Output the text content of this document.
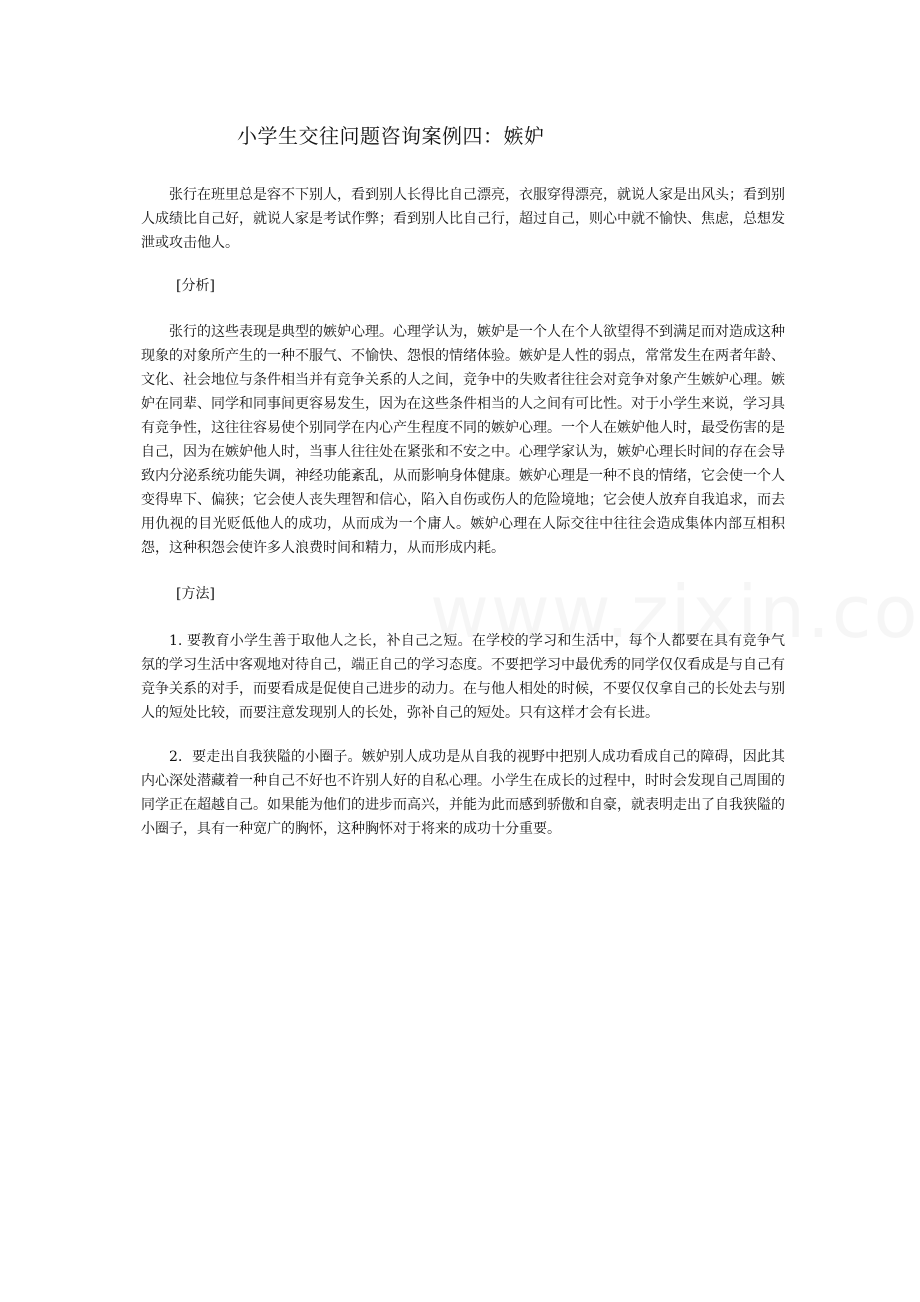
小学生交往问题咨询案例四：嫉妒

张行在班里总是容不下别人，看到别人长得比自己漂亮，衣服穿得漂亮，就说人家是出风头；看到别人成绩比自己好，就说人家是考试作弊；看到别人比自己行，超过自己，则心中就不愉快、焦虑，总想发泄或攻击他人。

[分析]

张行的这些表现是典型的嫉妒心理。心理学认为，嫉妒是一个人在个人欲望得不到满足而对造成这种现象的对象所产生的一种不服气、不愉快、怨恨的情绪体验。嫉妒是人性的弱点，常常发生在两者年龄、文化、社会地位与条件相当并有竞争关系的人之间，竞争中的失败者往往会对竞争对象产生嫉妒心理。嫉妒在同辈、同学和同事间更容易发生，因为在这些条件相当的人之间有可比性。对于小学生来说，学习具有竞争性，这往往容易使个别同学在内心产生程度不同的嫉妒心理。一个人在嫉妒他人时，最受伤害的是自己，因为在嫉妒他人时，当事人往往处在紧张和不安之中。心理学家认为，嫉妒心理长时间的存在会导致内分泌系统功能失调，神经功能紊乱，从而影响身体健康。嫉妒心理是一种不良的情绪，它会使一个人变得卑下、偏狭；它会使人丧失理智和信心，陷入自伤或伤人的危险境地；它会使人放弃自我追求，而去用仇视的目光贬低他人的成功，从而成为一个庸人。嫉妒心理在人际交往中往往会造成集体内部互相积怨，这种积怨会使许多人浪费时间和精力，从而形成内耗。

[方法]

1. 要教育小学生善于取他人之长，补自己之短。在学校的学习和生活中，每个人都要在具有竞争气氛的学习生活中客观地对待自己，端正自己的学习态度。不要把学习中最优秀的同学仅仅看成是与自己有竞争关系的对手，而要看成是促使自己进步的动力。在与他人相处的时候，不要仅仅拿自己的长处去与别人的短处比较，而要注意发现别人的长处，弥补自己的短处。只有这样才会有长进。

2．要走出自我狭隘的小圈子。嫉妒别人成功是从自我的视野中把别人成功看成自己的障碍，因此其内心深处潜藏着一种自己不好也不许别人好的自私心理。小学生在成长的过程中，时时会发现自己周围的同学正在超越自己。如果能为他们的进步而高兴，并能为此而感到骄傲和自豪，就表明走出了自我狭隘的小圈子，具有一种宽广的胸怀，这种胸怀对于将来的成功十分重要。
